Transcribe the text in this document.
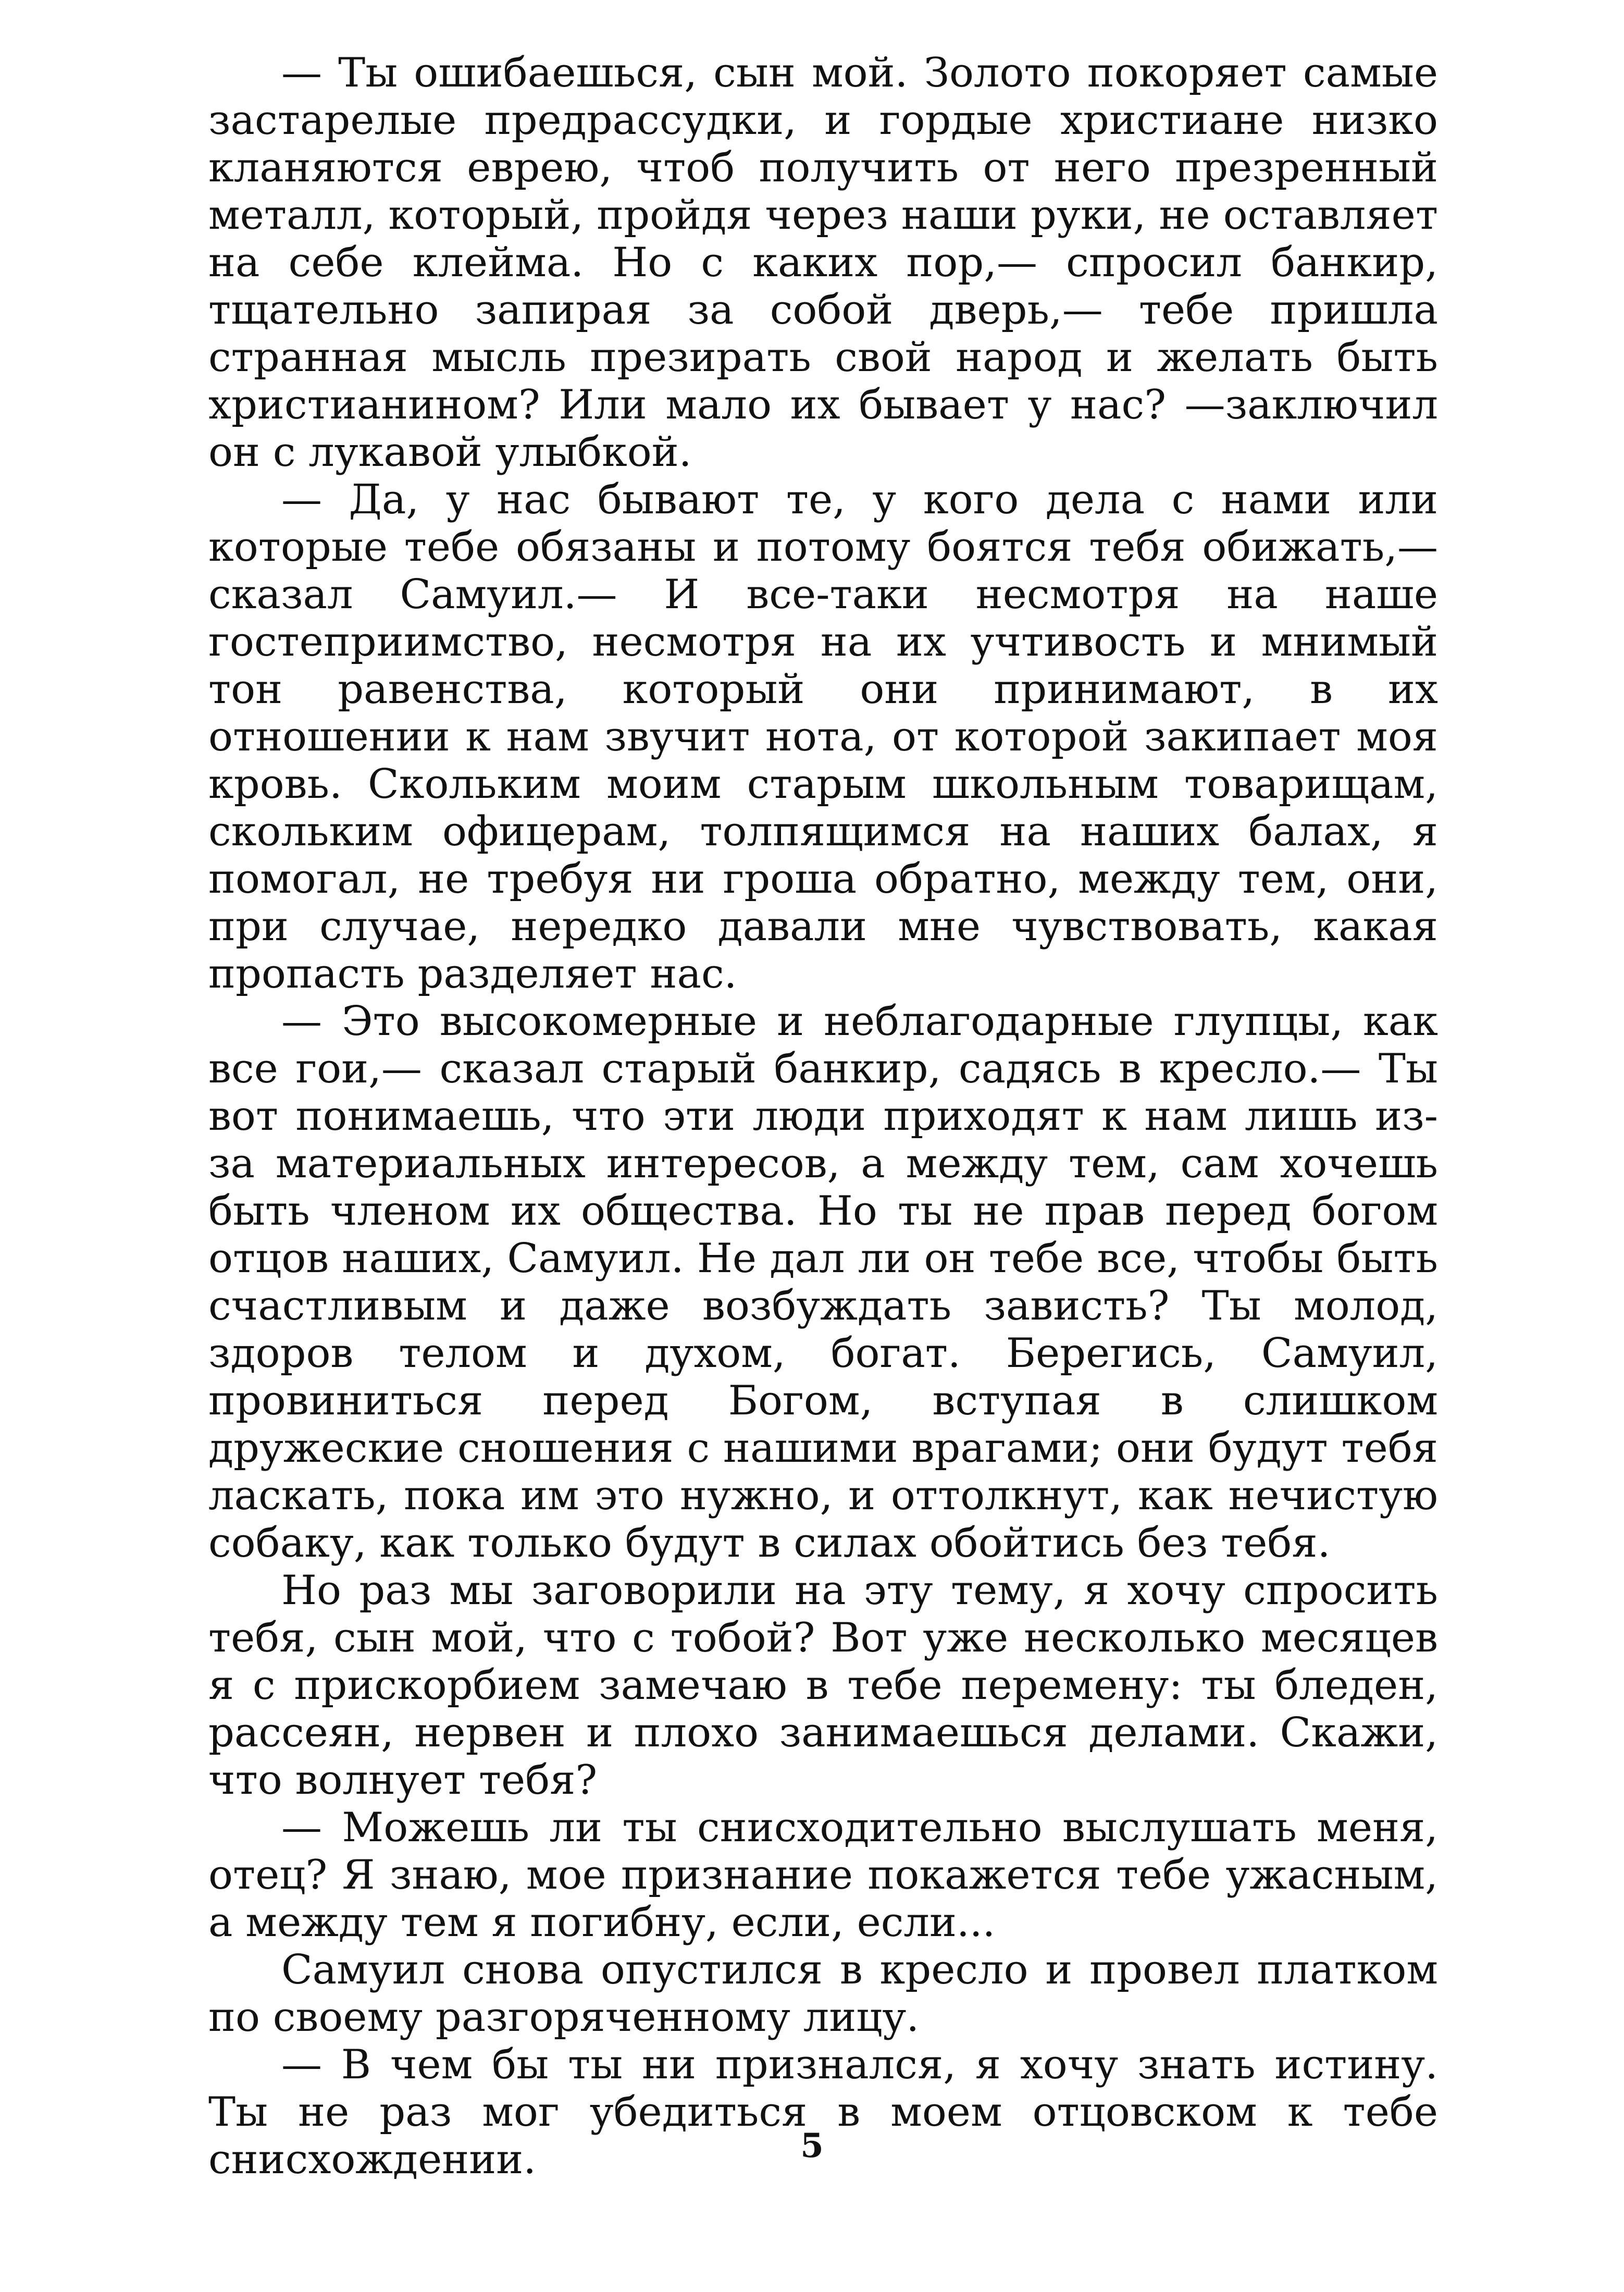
— Ты ошибаешься, сын мой. Золото покоряет самые застарелые предрассудки, и гордые христиане низко кланяются еврею, чтоб получить от него презренный металл, который, пройдя через наши руки, не оставляет на себе клейма. Но с каких пор,— спросил банкир, тщательно запирая за собой дверь,— тебе пришла странная мысль презирать свой народ и желать быть христианином? Или мало их бывает у нас? —заключил он с лукавой улыбкой.

— Да, у нас бывают те, у кого дела с нами или которые тебе обязаны и потому боятся тебя обижать,— сказал Самуил.— И все-таки несмотря на наше гостеприимство, несмотря на их учтивость и мнимый тон равенства, который они принимают, в их отношении к нам звучит нота, от которой закипает моя кровь. Скольким моим старым школьным товарищам, скольким офицерам, толпящимся на наших балах, я помогал, не требуя ни гроша обратно, между тем, они, при случае, нередко давали мне чувствовать, какая пропасть разделяет нас.

— Это высокомерные и неблагодарные глупцы, как все гои,— сказал старый банкир, садясь в кресло.— Ты вот понимаешь, что эти люди приходят к нам лишь из-за материальных интересов, а между тем, сам хочешь быть членом их общества. Но ты не прав перед богом отцов наших, Самуил. Не дал ли он тебе все, чтобы быть счастливым и даже возбуждать зависть? Ты молод, здоров телом и духом, богат. Берегись, Самуил, провиниться перед Богом, вступая в слишком дружеские сношения с нашими врагами; они будут тебя ласкать, пока им это нужно, и оттолкнут, как нечистую собаку, как только будут в силах обойтись без тебя.

Но раз мы заговорили на эту тему, я хочу спросить тебя, сын мой, что с тобой? Вот уже несколько месяцев я с прискорбием замечаю в тебе перемену: ты бледен, рассеян, нервен и плохо занимаешься делами. Скажи, что волнует тебя?

— Можешь ли ты снисходительно выслушать меня, отец? Я знаю, мое признание покажется тебе ужасным, а между тем я погибну, если, если...

Самуил снова опустился в кресло и провел платком по своему разгоряченному лицу.

— В чем бы ты ни признался, я хочу знать истину. Ты не раз мог убедиться в моем отцовском к тебе снисхождении.	5
